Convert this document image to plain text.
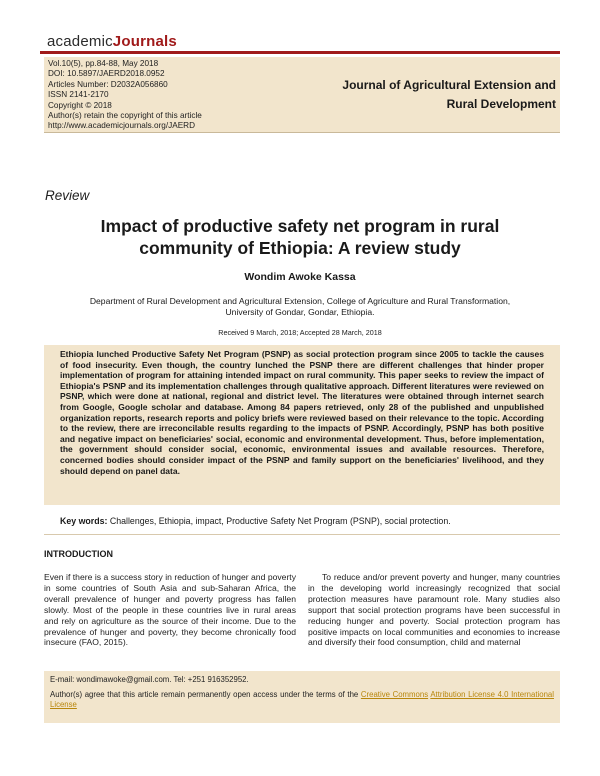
academicJournals
Vol.10(5), pp.84-88, May 2018
DOI: 10.5897/JAERD2018.0952
Articles Number: D2032A056860
ISSN 2141-2170
Copyright © 2018
Author(s) retain the copyright of this article
http://www.academicjournals.org/JAERD
Journal of Agricultural Extension and
Rural Development
Review
Impact of productive safety net program in rural
community of Ethiopia: A review study
Wondim Awoke Kassa
Department of Rural Development and Agricultural Extension, College of Agriculture and Rural Transformation,
University of Gondar, Gondar, Ethiopia.
Received 9 March, 2018; Accepted 28 March, 2018
Ethiopia lunched Productive Safety Net Program (PSNP) as social protection program since 2005 to tackle the causes of food insecurity. Even though, the country lunched the PSNP there are different challenges that hinder proper implementation of program for attaining intended impact on rural community. This paper seeks to review the impact of Ethiopia's PSNP and its implementation challenges through qualitative approach. Different literatures were reviewed on PSNP, which were done at national, regional and district level. The literatures were obtained through internet search from Google, Google scholar and database. Among 84 papers retrieved, only 28 of the published and unpublished organization reports, research reports and policy briefs were reviewed based on their relevance to the topic. According to the review, there are irreconcilable results regarding to the impacts of PSNP. Accordingly, PSNP has both positive and negative impact on beneficiaries' social, economic and environmental development. Thus, before implementation, the government should consider social, economic, environmental issues and available resources. Therefore, concerned bodies should consider impact of the PSNP and family support on the beneficiaries' livelihood, and they should depend on panel data.
Key words: Challenges, Ethiopia, impact, Productive Safety Net Program (PSNP), social protection.
INTRODUCTION

Even if there is a success story in reduction of hunger and poverty in some countries of South Asia and sub-Saharan Africa, the overall prevalence of hunger and poverty progress has fallen slowly. Most of the people in these countries live in rural areas and rely on agriculture as the source of their income. Due to the prevalence of hunger and poverty, they become chronically food insecure (FAO, 2015).

To reduce and/or prevent poverty and hunger, many countries in the developing world increasingly recognized that social protection measures have paramount role. Many studies also support that social protection programs have been successful in reducing hunger and poverty. Social protection program has positive impacts on local communities and economies to increase and diversify their food consumption, child and maternal

E-mail: wondimawoke@gmail.com. Tel: +251 916352952.
Author(s) agree that this article remain permanently open access under the terms of the Creative Commons Attribution License 4.0 International License
